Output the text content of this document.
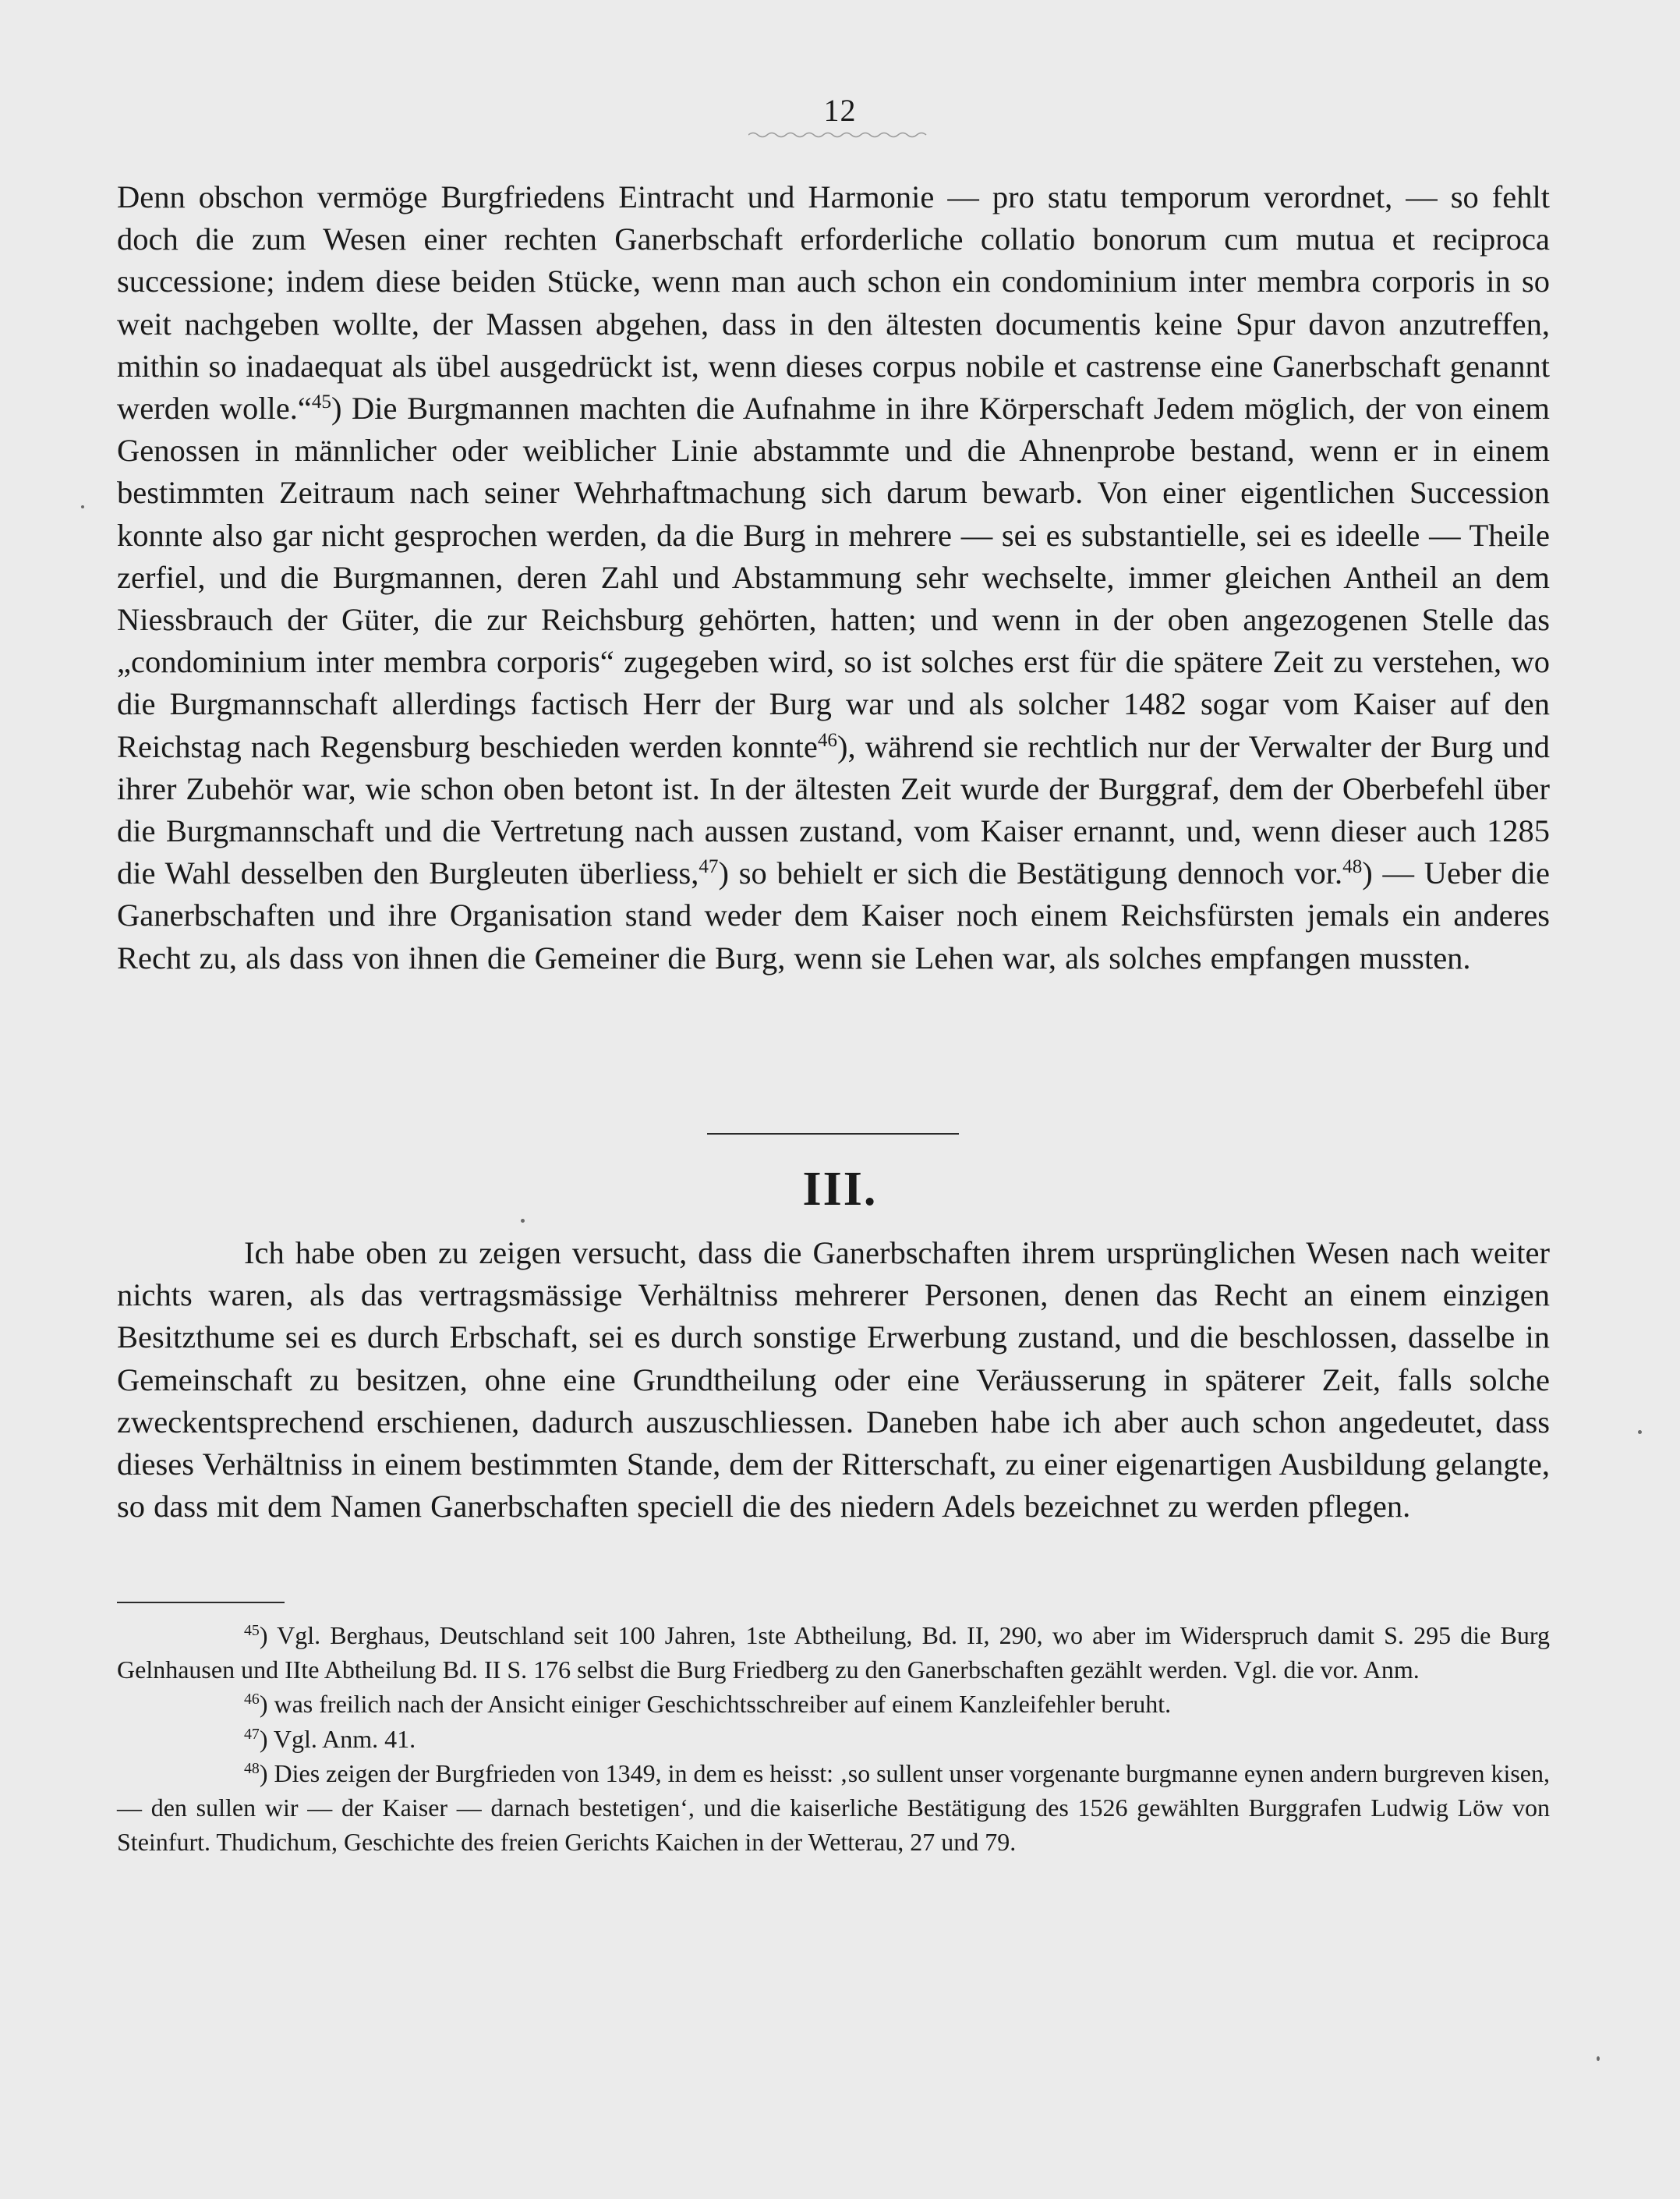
12

Denn obschon vermöge Burgfriedens Eintracht und Harmonie — pro statu temporum verordnet, — so fehlt doch die zum Wesen einer rechten Ganerbschaft erforderliche collatio bonorum cum mutua et reciproca successione; indem diese beiden Stücke, wenn man auch schon ein condominium inter membra corporis in so weit nachgeben wollte, der Massen abgehen, dass in den ältesten documentis keine Spur davon anzutreffen, mithin so inadaequat als übel ausgedrückt ist, wenn dieses corpus nobile et castrense eine Ganerbschaft genannt werden wolle.“$^{45}$) Die Burgmannen machten die Aufnahme in ihre Körperschaft Jedem möglich, der von einem Genossen in männlicher oder weiblicher Linie abstammte und die Ahnenprobe bestand, wenn er in einem bestimmten Zeitraum nach seiner Wehrhaftmachung sich darum bewarb. Von einer eigentlichen Succession konnte also gar nicht gesprochen werden, da die Burg in mehrere — sei es substantielle, sei es ideelle — Theile zerfiel, und die Burgmannen, deren Zahl und Abstammung sehr wechselte, immer gleichen Antheil an dem Niessbrauch der Güter, die zur Reichsburg gehörten, hatten; und wenn in der oben angezogenen Stelle das „condominium inter membra corporis“ zugegeben wird, so ist solches erst für die spätere Zeit zu verstehen, wo die Burgmannschaft allerdings factisch Herr der Burg war und als solcher 1482 sogar vom Kaiser auf den Reichstag nach Regensburg beschieden werden konnte$^{46}$), während sie rechtlich nur der Verwalter der Burg und ihrer Zubehör war, wie schon oben betont ist. In der ältesten Zeit wurde der Burggraf, dem der Oberbefehl über die Burgmannschaft und die Vertretung nach aussen zustand, vom Kaiser ernannt, und, wenn dieser auch 1285 die Wahl desselben den Burgleuten überliess,$^{47}$) so behielt er sich die Bestätigung dennoch vor.$^{48}$) — Ueber die Ganerbschaften und ihre Organisation stand weder dem Kaiser noch einem Reichsfürsten jemals ein anderes Recht zu, als dass von ihnen die Gemeiner die Burg, wenn sie Lehen war, als solches empfangen mussten.

III.

Ich habe oben zu zeigen versucht, dass die Ganerbschaften ihrem ursprünglichen Wesen nach weiter nichts waren, als das vertragsmässige Verhältniss mehrerer Personen, denen das Recht an einem einzigen Besitzthume sei es durch Erbschaft, sei es durch sonstige Erwerbung zustand, und die beschlossen, dasselbe in Gemeinschaft zu besitzen, ohne eine Grundtheilung oder eine Veräusserung in späterer Zeit, falls solche zweckentsprechend erschienen, dadurch auszuschliessen. Daneben habe ich aber auch schon angedeutet, dass dieses Verhältniss in einem bestimmten Stande, dem der Ritterschaft, zu einer eigenartigen Ausbildung gelangte, so dass mit dem Namen Ganerbschaften speciell die des niedern Adels bezeichnet zu werden pflegen.

$^{45}$) Vgl. Berghaus, Deutschland seit 100 Jahren, 1ste Abtheilung, Bd. II, 290, wo aber im Widerspruch damit S. 295 die Burg Gelnhausen und IIte Abtheilung Bd. II S. 176 selbst die Burg Friedberg zu den Ganerbschaften gezählt werden. Vgl. die vor. Anm.

$^{46}$) was freilich nach der Ansicht einiger Geschichtsschreiber auf einem Kanzleifehler beruht.

$^{47}$) Vgl. Anm. 41.

$^{48}$) Dies zeigen der Burgfrieden von 1349, in dem es heisst: ‚so sullent unser vorgenante burgmanne eynen andern burgreven kisen, — den sullen wir — der Kaiser — darnach bestetigen‘, und die kaiserliche Bestätigung des 1526 gewählten Burggrafen Ludwig Löw von Steinfurt. Thudichum, Geschichte des freien Gerichts Kaichen in der Wetterau, 27 und 79.
